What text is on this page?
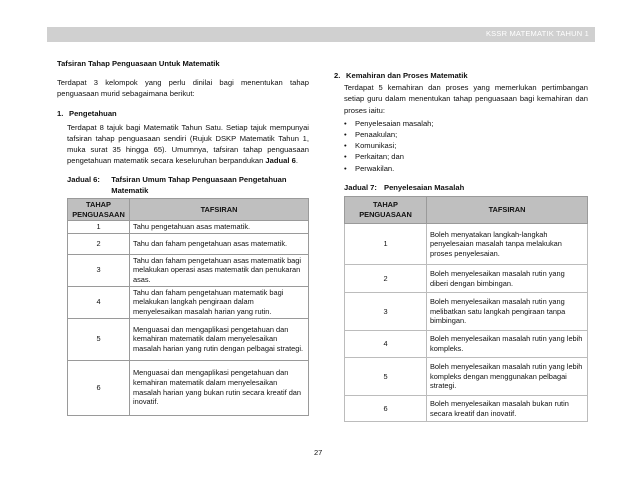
KSSR MATEMATIK TAHUN 1
Tafsiran Tahap Penguasaan Untuk Matematik

Terdapat 3 kelompok yang perlu dinilai bagi menentukan tahap penguasaan murid sebagaimana berikut:

1. Pengetahuan

Terdapat 8 tajuk bagi Matematik Tahun Satu. Setiap tajuk mempunyai tafsiran tahap penguasaan sendiri (Rujuk DSKP Matematik Tahun 1, muka surat 35 hingga 65). Umumnya, tafsiran tahap penguasaan pengetahuan matematik secara keseluruhan berpandukan Jadual 6.

Jadual 6:	Tafsiran Umum Tahap Penguasaan Pengetahuan Matematik
TAHAP PENGUASAAN	TAFSIRAN
1	Tahu pengetahuan asas matematik.
2	Tahu dan faham pengetahuan asas matematik.
3	Tahu dan faham pengetahuan asas matematik bagi melakukan operasi asas matematik dan penukaran asas.
4	Tahu dan faham pengetahuan matematik bagi melakukan langkah pengiraan dalam menyelesaikan masalah harian yang rutin.
5	Menguasai dan mengaplikasi pengetahuan dan kemahiran matematik dalam menyelesaikan masalah harian yang rutin dengan pelbagai strategi.
6	Menguasai dan mengaplikasi pengetahuan dan kemahiran matematik dalam menyelesaikan masalah harian yang bukan rutin secara kreatif dan inovatif.
2. Kemahiran dan Proses Matematik

Terdapat 5 kemahiran dan proses yang memerlukan pertimbangan setiap guru dalam menentukan tahap penguasaan bagi kemahiran dan proses iaitu:

• Penyelesaian masalah;
• Penaakulan;
• Komunikasi;
• Perkaitan; dan
• Perwakilan.
Jadual 7: Penyelesaian Masalah
TAHAP PENGUASAAN	TAFSIRAN
1	Boleh menyatakan langkah-langkah penyelesaian masalah tanpa melakukan proses penyelesaian.
2	Boleh menyelesaikan masalah rutin yang diberi dengan bimbingan.
3	Boleh menyelesaikan masalah rutin yang melibatkan satu langkah pengiraan tanpa bimbingan.
4	Boleh menyelesaikan masalah rutin yang lebih kompleks.
5	Boleh menyelesaikan masalah rutin yang lebih kompleks dengan menggunakan pelbagai strategi.
6	Boleh menyelesaikan masalah bukan rutin secara kreatif dan inovatif.
27
